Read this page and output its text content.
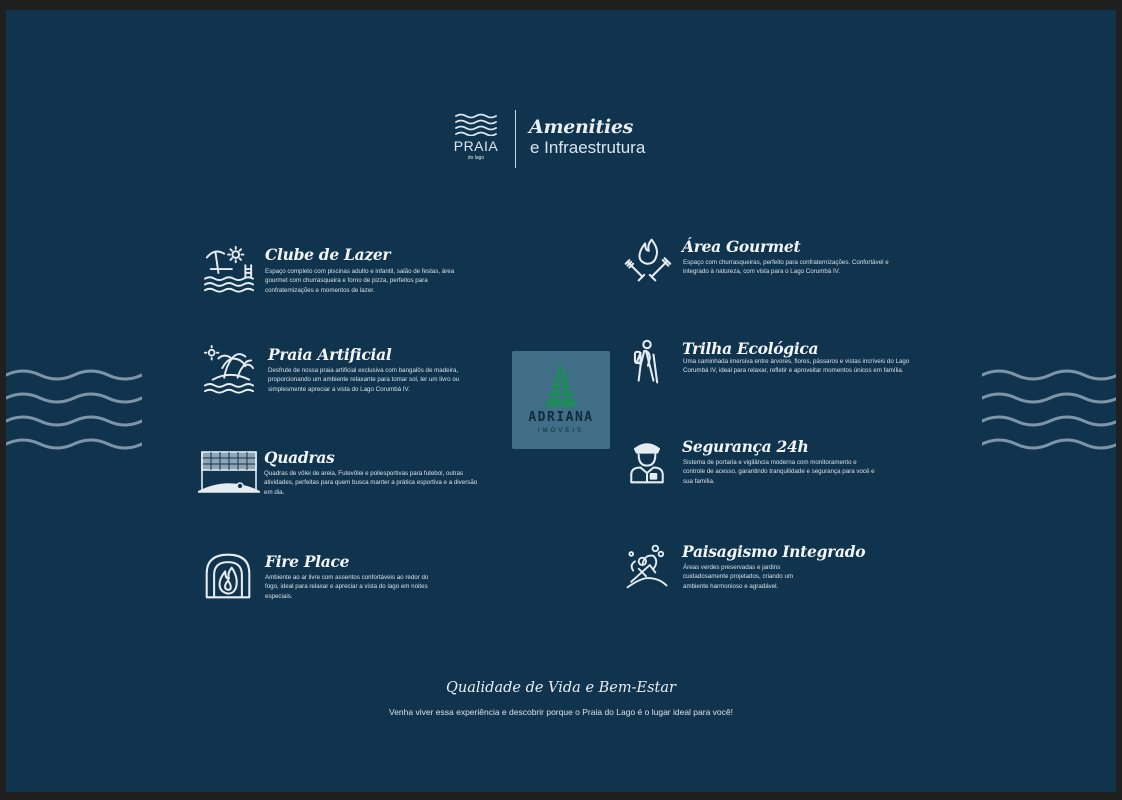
PRAIA
do lago
Amenities
e Infraestrutura
Clube de Lazer
Espaço completo com piscinas adulto e infantil, salão de festas, área gourmet com churrasqueira e forno de pizza, perfeitos para confraternizações e momentos de lazer.
Praia Artificial
Desfrute de nossa praia artificial exclusiva com bangalôs de madeira, proporcionando um ambiente relaxante para tomar sol, ler um livro ou simplesmente apreciar a vista do Lago Corumbá IV.
Quadras
Quadras de vôlei de areia, Futevôlei e poliesportivas para futebol, outras atividades, perfeitas para quem busca manter a prática esportiva e a diversão em dia.
Fire Place
Ambiente ao ar livre com assentos confortáveis ao redor do fogo, ideal para relaxar e apreciar a vista do lago em noites especiais.
Área Gourmet
Espaço com churrasqueiras, perfeito para confraternizações. Confortável e integrado à natureza, com vista para o Lago Corumbá IV.
Trilha Ecológica
Uma caminhada imersiva entre árvores, flores, pássaros e vistas incríveis do Lago Corumbá IV, ideal para relaxar, refletir e aproveitar momentos únicos em família.
Segurança 24h
Sistema de portaria e vigilância moderna com monitoramento e controle de acesso, garantindo tranquilidade e segurança para você e sua família.
Paisagismo Integrado
Áreas verdes preservadas e jardins cuidadosamente projetados, criando um ambiente harmonioso e agradável.
ADRIANA
IMÓVEIS
Qualidade de Vida e Bem-Estar
Venha viver essa experiência e descobrir porque o Praia do Lago é o lugar ideal para você!
